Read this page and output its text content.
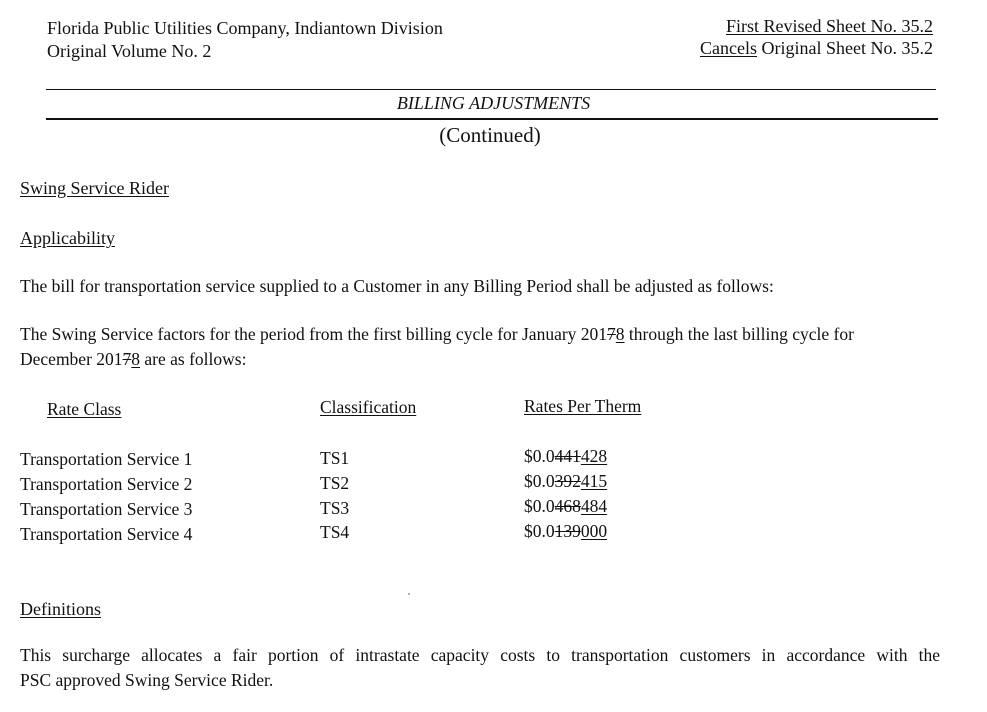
Florida Public Utilities Company, Indiantown Division
Original Volume No. 2
First Revised Sheet No. 35.2
Cancels Original Sheet No. 35.2
BILLING ADJUSTMENTS
(Continued)
Swing Service Rider
Applicability
The bill for transportation service supplied to a Customer in any Billing Period shall be adjusted as follows:
The Swing Service factors for the period from the first billing cycle for January 20178 through the last billing cycle for
December 20178 are as follows:
Rate Class	Classification	Rates Per Therm
Transportation Service 1	TS1	$0.0441428
Transportation Service 2	TS2	$0.0392415
Transportation Service 3	TS3	$0.0468484
Transportation Service 4	TS4	$0.0139000
Definitions
This surcharge allocates a fair portion of intrastate capacity costs to transportation customers in accordance with the
PSC approved Swing Service Rider.
